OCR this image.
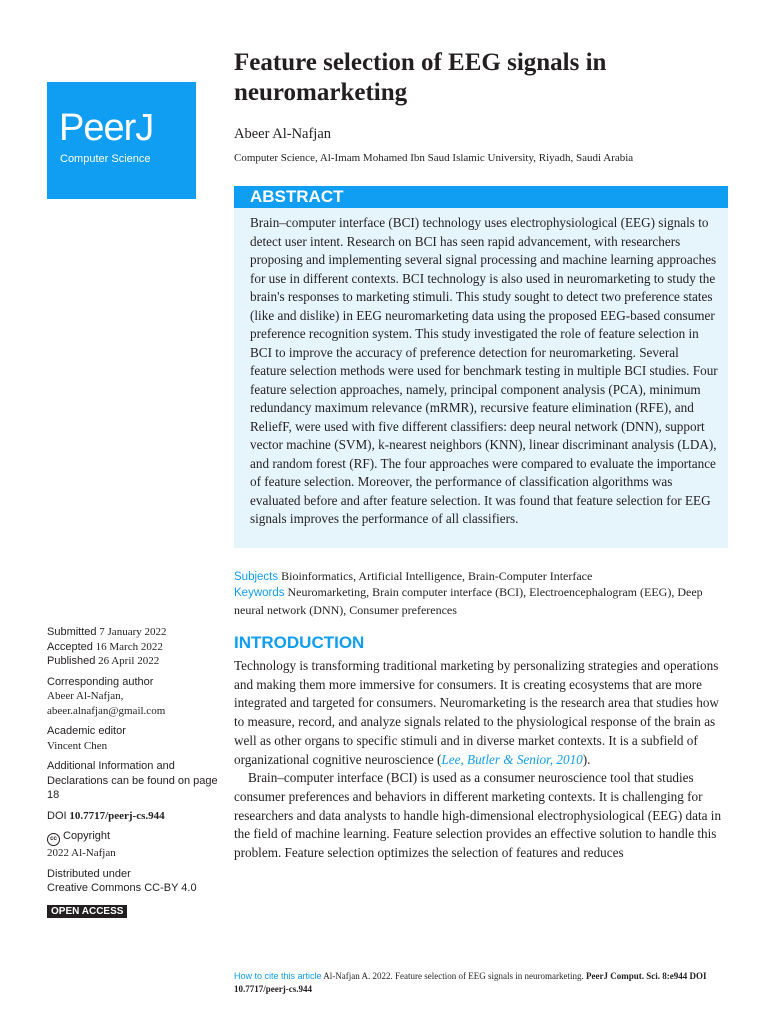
PeerJ
Computer Science
Feature selection of EEG signals in neuromarketing
Abeer Al-Nafjan
Computer Science, Al-Imam Mohamed Ibn Saud Islamic University, Riyadh, Saudi Arabia
ABSTRACT
Brain–computer interface (BCI) technology uses electrophysiological (EEG) signals to detect user intent. Research on BCI has seen rapid advancement, with researchers proposing and implementing several signal processing and machine learning approaches for use in different contexts. BCI technology is also used in neuromarketing to study the brain's responses to marketing stimuli. This study sought to detect two preference states (like and dislike) in EEG neuromarketing data using the proposed EEG-based consumer preference recognition system. This study investigated the role of feature selection in BCI to improve the accuracy of preference detection for neuromarketing. Several feature selection methods were used for benchmark testing in multiple BCI studies. Four feature selection approaches, namely, principal component analysis (PCA), minimum redundancy maximum relevance (mRMR), recursive feature elimination (RFE), and ReliefF, were used with five different classifiers: deep neural network (DNN), support vector machine (SVM), k-nearest neighbors (KNN), linear discriminant analysis (LDA), and random forest (RF). The four approaches were compared to evaluate the importance of feature selection. Moreover, the performance of classification algorithms was evaluated before and after feature selection. It was found that feature selection for EEG signals improves the performance of all classifiers.
Subjects Bioinformatics, Artificial Intelligence, Brain-Computer Interface
Keywords Neuromarketing, Brain computer interface (BCI), Electroencephalogram (EEG), Deep neural network (DNN), Consumer preferences
Submitted 7 January 2022
Accepted 16 March 2022
Published 26 April 2022
Corresponding author
Abeer Al-Nafjan,
abeer.alnafjan@gmail.com
Academic editor
Vincent Chen
Additional Information and Declarations can be found on page 18
DOI 10.7717/peerj-cs.944
cc Copyright
2022 Al-Nafjan
Distributed under
Creative Commons CC-BY 4.0
OPEN ACCESS
INTRODUCTION

Technology is transforming traditional marketing by personalizing strategies and operations and making them more immersive for consumers. It is creating ecosystems that are more integrated and targeted for consumers. Neuromarketing is the research area that studies how to measure, record, and analyze signals related to the physiological response of the brain as well as other organs to specific stimuli and in diverse market contexts. It is a subfield of organizational cognitive neuroscience (Lee, Butler & Senior, 2010).

Brain–computer interface (BCI) is used as a consumer neuroscience tool that studies consumer preferences and behaviors in different marketing contexts. It is challenging for researchers and data analysts to handle high-dimensional electrophysiological (EEG) data in the field of machine learning. Feature selection provides an effective solution to handle this problem. Feature selection optimizes the selection of features and reduces

How to cite this article Al-Nafjan A. 2022. Feature selection of EEG signals in neuromarketing. PeerJ Comput. Sci. 8:e944 DOI 10.7717/peerj-cs.944
